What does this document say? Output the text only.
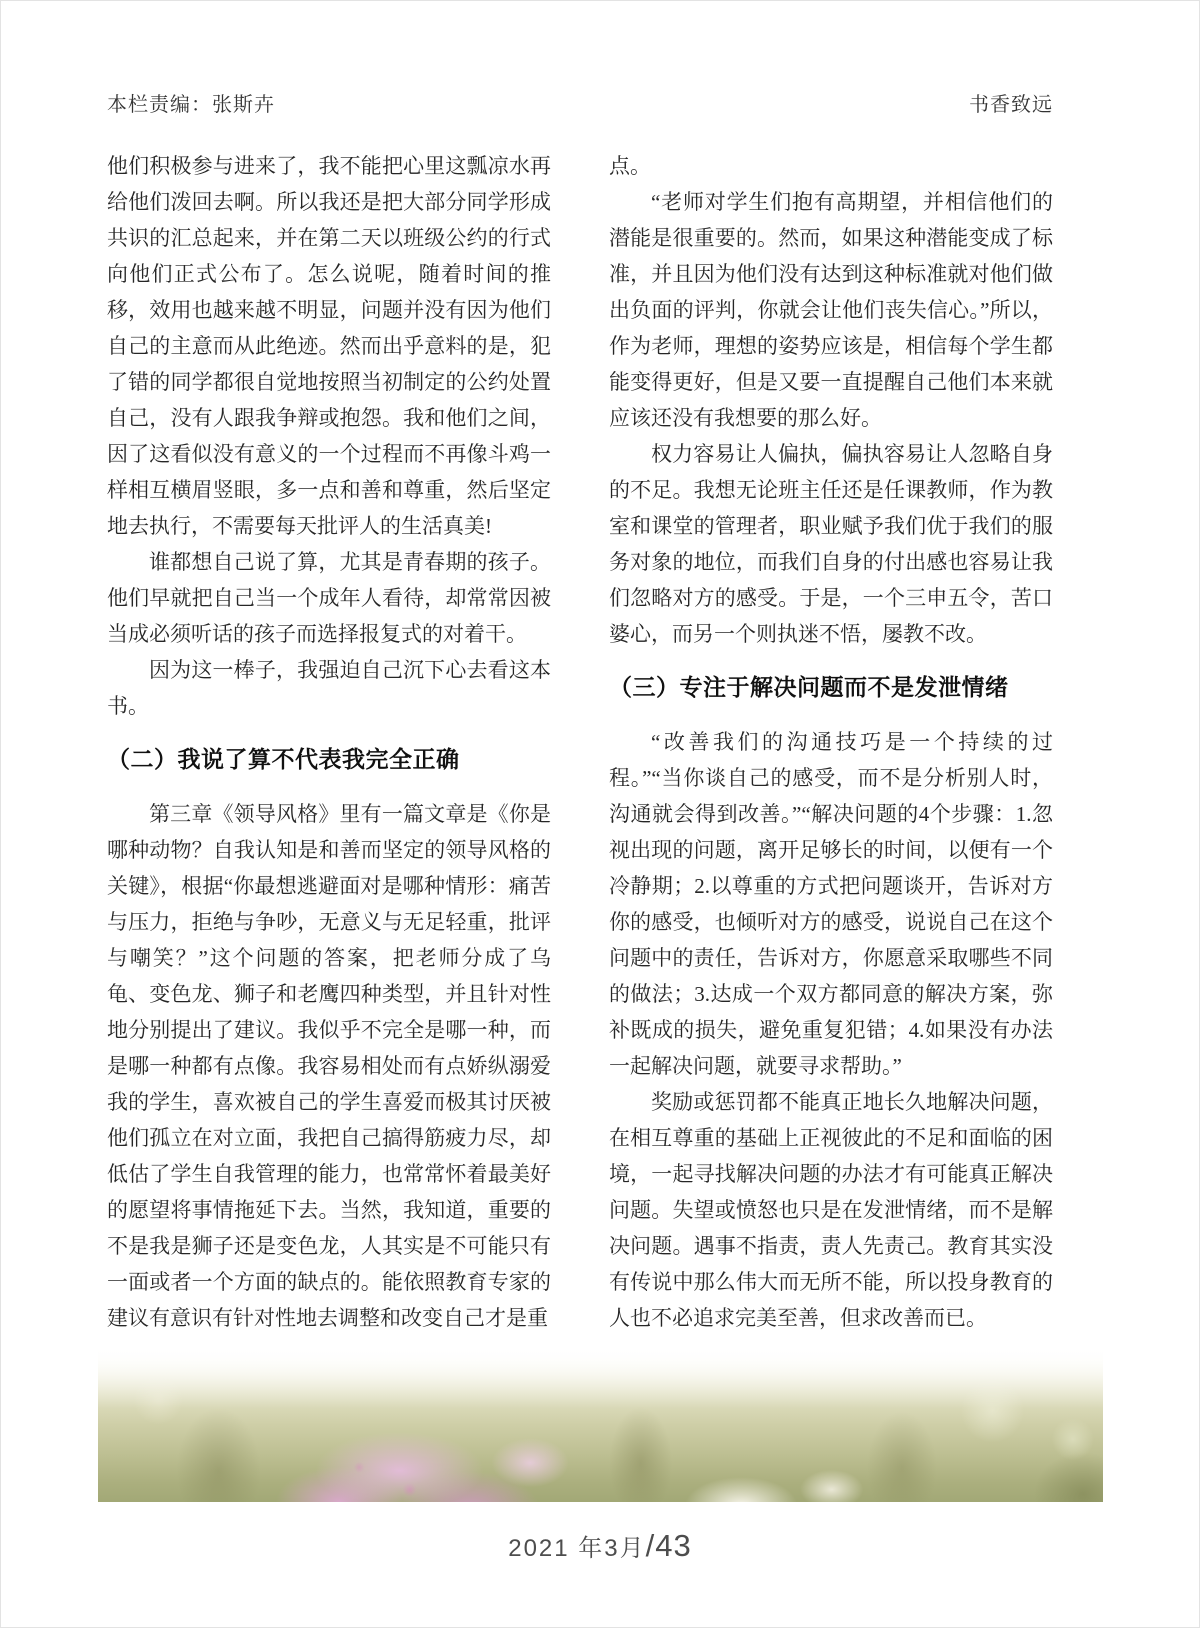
本栏责编：张斯卉	书香致远

他们积极参与进来了，我不能把心里这瓢凉水再给他们泼回去啊。所以我还是把大部分同学形成共识的汇总起来，并在第二天以班级公约的行式向他们正式公布了。怎么说呢，随着时间的推移，效用也越来越不明显，问题并没有因为他们自己的主意而从此绝迹。然而出乎意料的是，犯了错的同学都很自觉地按照当初制定的公约处置自己，没有人跟我争辩或抱怨。我和他们之间，因了这看似没有意义的一个过程而不再像斗鸡一样相互横眉竖眼，多一点和善和尊重，然后坚定地去执行，不需要每天批评人的生活真美!

谁都想自己说了算，尤其是青春期的孩子。他们早就把自己当一个成年人看待，却常常因被当成必须听话的孩子而选择报复式的对着干。

因为这一棒子，我强迫自己沉下心去看这本书。

（二）我说了算不代表我完全正确

第三章《领导风格》里有一篇文章是《你是哪种动物？自我认知是和善而坚定的领导风格的关键》，根据“你最想逃避面对是哪种情形：痛苦与压力，拒绝与争吵，无意义与无足轻重，批评与嘲笑？”这个问题的答案，把老师分成了乌龟、变色龙、狮子和老鹰四种类型，并且针对性地分别提出了建议。我似乎不完全是哪一种，而是哪一种都有点像。我容易相处而有点娇纵溺爱我的学生，喜欢被自己的学生喜爱而极其讨厌被他们孤立在对立面，我把自己搞得筋疲力尽，却低估了学生自我管理的能力，也常常怀着最美好的愿望将事情拖延下去。当然，我知道，重要的不是我是狮子还是变色龙，人其实是不可能只有一面或者一个方面的缺点的。能依照教育专家的建议有意识有针对性地去调整和改变自己才是重

点。

“老师对学生们抱有高期望，并相信他们的潜能是很重要的。然而，如果这种潜能变成了标准，并且因为他们没有达到这种标准就对他们做出负面的评判，你就会让他们丧失信心。”所以，作为老师，理想的姿势应该是，相信每个学生都能变得更好，但是又要一直提醒自己他们本来就应该还没有我想要的那么好。

权力容易让人偏执，偏执容易让人忽略自身的不足。我想无论班主任还是任课教师，作为教室和课堂的管理者，职业赋予我们优于我们的服务对象的地位，而我们自身的付出感也容易让我们忽略对方的感受。于是，一个三申五令，苦口婆心，而另一个则执迷不悟，屡教不改。

（三）专注于解决问题而不是发泄情绪

“改善我们的沟通技巧是一个持续的过程。”“当你谈自己的感受，而不是分析别人时，沟通就会得到改善。”“解决问题的4个步骤：1.忽视出现的问题，离开足够长的时间，以便有一个冷静期；2.以尊重的方式把问题谈开，告诉对方你的感受，也倾听对方的感受，说说自己在这个问题中的责任，告诉对方，你愿意采取哪些不同的做法；3.达成一个双方都同意的解决方案，弥补既成的损失，避免重复犯错；4.如果没有办法一起解决问题，就要寻求帮助。”

奖励或惩罚都不能真正地长久地解决问题，在相互尊重的基础上正视彼此的不足和面临的困境，一起寻找解决问题的办法才有可能真正解决问题。失望或愤怒也只是在发泄情绪，而不是解决问题。遇事不指责，责人先责己。教育其实没有传说中那么伟大而无所不能，所以投身教育的人也不必追求完美至善，但求改善而已。

2021 年3月/43
